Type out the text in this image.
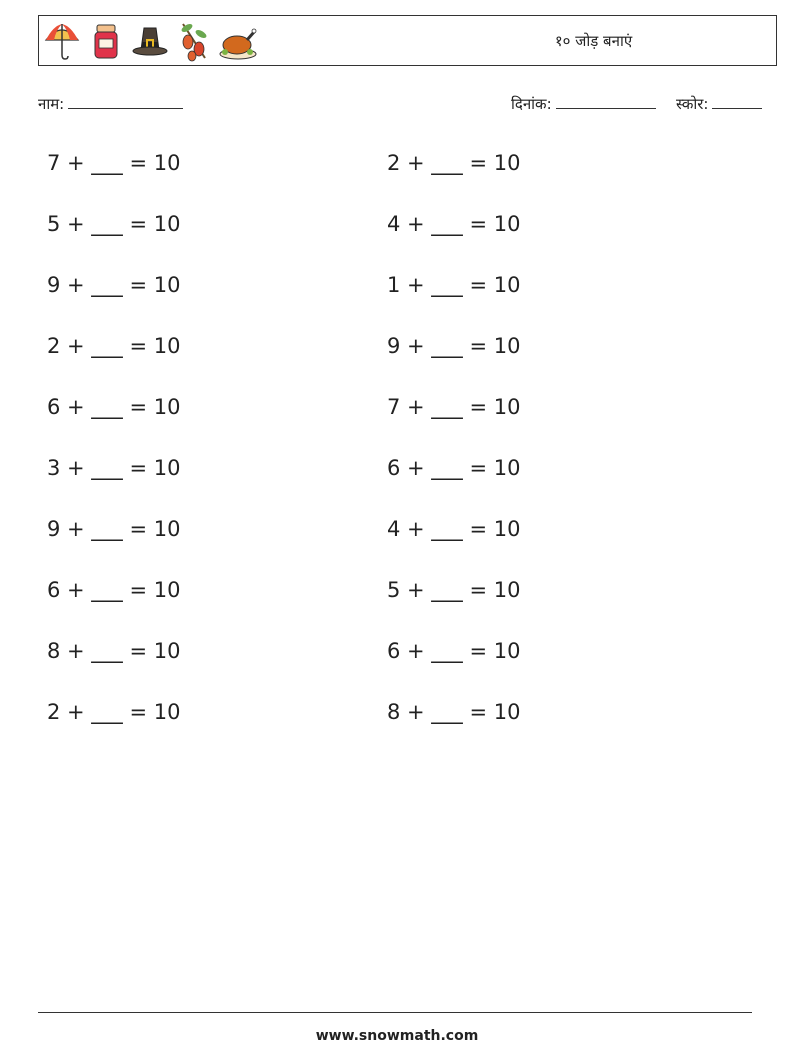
१० जोड़ बनाएं
नाम:	दिनांक:	स्कोर:
7 + ___ = 10
5 + ___ = 10
9 + ___ = 10
2 + ___ = 10
6 + ___ = 10
3 + ___ = 10
9 + ___ = 10
6 + ___ = 10
8 + ___ = 10
2 + ___ = 10
2 + ___ = 10
4 + ___ = 10
1 + ___ = 10
9 + ___ = 10
7 + ___ = 10
6 + ___ = 10
4 + ___ = 10
5 + ___ = 10
6 + ___ = 10
8 + ___ = 10
www.snowmath.com
